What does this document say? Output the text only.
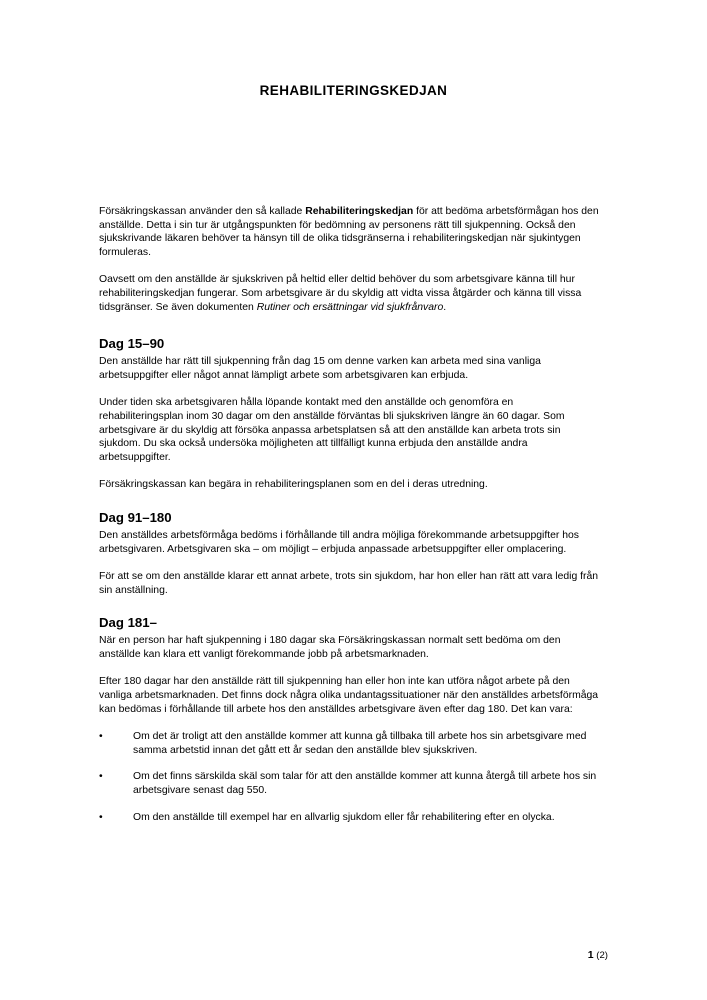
REHABILITERINGSKEDJAN

Försäkringskassan använder den så kallade Rehabiliteringskedjan för att bedöma arbetsförmågan hos den anställde. Detta i sin tur är utgångspunkten för bedömning av personens rätt till sjukpenning. Också den sjukskrivande läkaren behöver ta hänsyn till de olika tidsgränserna i rehabiliteringskedjan när sjukintygen formuleras.

Oavsett om den anställde är sjukskriven på heltid eller deltid behöver du som arbetsgivare känna till hur rehabiliteringskedjan fungerar. Som arbetsgivare är du skyldig att vidta vissa åtgärder och känna till vissa tidsgränser. Se även dokumenten Rutiner och ersättningar vid sjukfrånvaro.

Dag 15–90

Den anställde har rätt till sjukpenning från dag 15 om denne varken kan arbeta med sina vanliga arbetsuppgifter eller något annat lämpligt arbete som arbetsgivaren kan erbjuda.

Under tiden ska arbetsgivaren hålla löpande kontakt med den anställde och genomföra en rehabiliteringsplan inom 30 dagar om den anställde förväntas bli sjukskriven längre än 60 dagar. Som arbetsgivare är du skyldig att försöka anpassa arbetsplatsen så att den anställde kan arbeta trots sin sjukdom. Du ska också undersöka möjligheten att tillfälligt kunna erbjuda den anställde andra arbetsuppgifter.

Försäkringskassan kan begära in rehabiliteringsplanen som en del i deras utredning.

Dag 91–180

Den anställdes arbetsförmåga bedöms i förhållande till andra möjliga förekommande arbetsuppgifter hos arbetsgivaren. Arbetsgivaren ska – om möjligt – erbjuda anpassade arbetsuppgifter eller omplacering.

För att se om den anställde klarar ett annat arbete, trots sin sjukdom, har hon eller han rätt att vara ledig från sin anställning.

Dag 181–

När en person har haft sjukpenning i 180 dagar ska Försäkringskassan normalt sett bedöma om den anställde kan klara ett vanligt förekommande jobb på arbetsmarknaden.

Efter 180 dagar har den anställde rätt till sjukpenning han eller hon inte kan utföra något arbete på den vanliga arbetsmarknaden. Det finns dock några olika undantagssituationer när den anställdes arbetsförmåga kan bedömas i förhållande till arbete hos den anställdes arbetsgivare även efter dag 180. Det kan vara:

•	Om det är troligt att den anställde kommer att kunna gå tillbaka till arbete hos sin arbetsgivare med samma arbetstid innan det gått ett år sedan den anställde blev sjukskriven.
•	Om det finns särskilda skäl som talar för att den anställde kommer att kunna återgå till arbete hos sin arbetsgivare senast dag 550.
•	Om den anställde till exempel har en allvarlig sjukdom eller får rehabilitering efter en olycka.
1 (2)
